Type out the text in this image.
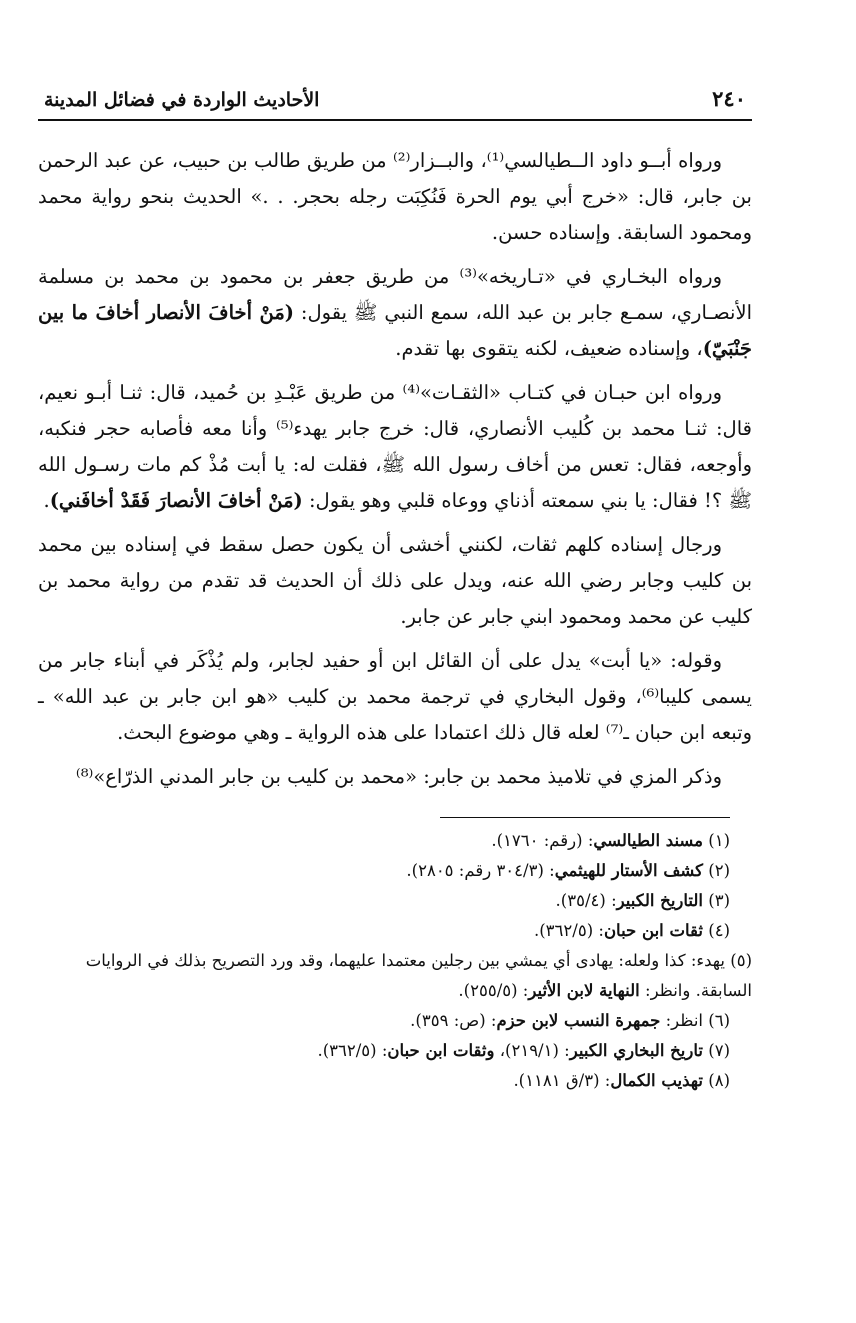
٢٤٠
الأحاديث الواردة في فضائل المدينة

ورواه أبــو داود الــطيالسي⁽¹⁾، والبــزار⁽²⁾ من طريق طالب بن حبيب، عن عبد الرحمن بن جابر، قال: «خرج أبي يوم الحرة فَنُكِبَت رجله بحجر. . .» الحديث بنحو رواية محمد ومحمود السابقة. وإسناده حسن.

ورواه البخـاري في «تـاريخه»⁽³⁾ من طريق جعفر بن محمود بن محمد بن مسلمة الأنصـاري، سمـع جابر بن عبد الله، سمع النبي ﷺ يقول: (مَنْ أخافَ الأنصار أخافَ ما بين جَنْبَيّ)، وإسناده ضعيف، لكنه يتقوى بها تقدم.

ورواه ابن حبـان في كتـاب «الثقـات»⁽⁴⁾ من طريق عَبْـدِ بن حُميد، قال: ثنـا أبـو نعيم، قال: ثنـا محمد بن كُليب الأنصاري، قال: خرج جابر يهدء⁽⁵⁾ وأنا معه فأصابه حجر فنكبه، وأوجعه، فقال: تعس من أخاف رسول الله ﷺ، فقلت له: يا أبت مُذْ كم مات رسـول الله ﷺ ؟! فقال: يا بني سمعته أذناي ووعاه قلبي وهو يقول: (مَنْ أخافَ الأنصارَ فَقَدْ أخافَني).

ورجال إسناده كلهم ثقات، لكنني أخشى أن يكون حصل سقط في إسناده بين محمد بن كليب وجابر رضي الله عنه، ويدل على ذلك أن الحديث قد تقدم من رواية محمد بن كليب عن محمد ومحمود ابني جابر عن جابر.

وقوله: «يا أبت» يدل على أن القائل ابن أو حفيد لجابر، ولم يُذْكَر في أبناء جابر من يسمى كليبا⁽⁶⁾، وقول البخاري في ترجمة محمد بن كليب «هو ابن جابر بن عبد الله» ـ وتبعه ابن حبان ـ⁽⁷⁾ لعله قال ذلك اعتمادا على هذه الرواية ـ وهي موضوع البحث.

وذكر المزي في تلاميذ محمد بن جابر: «محمد بن كليب بن جابر المدني الذرّاع»⁽⁸⁾

(١) مسند الطيالسي: (رقم: ١٧٦٠).

(٢) كشف الأستار للهيثمي: (٣٠٤/٣ رقم: ٢٨٠٥).

(٣) التاريخ الكبير: (٣٥/٤).

(٤) ثقات ابن حبان: (٣٦٢/٥).

(٥) يهدء: كذا ولعله: يهادى أي يمشي بين رجلين معتمدا عليهما، وقد ورد التصريح بذلك في الروايات السابقة. وانظر: النهاية لابن الأثير: (٢٥٥/٥).

(٦) انظر: جمهرة النسب لابن حزم: (ص: ٣٥٩).

(٧) تاريخ البخاري الكبير: (٢١٩/١)، وثقات ابن حبان: (٣٦٢/٥).

(٨) تهذيب الكمال: (٣/ق ١١٨١).
